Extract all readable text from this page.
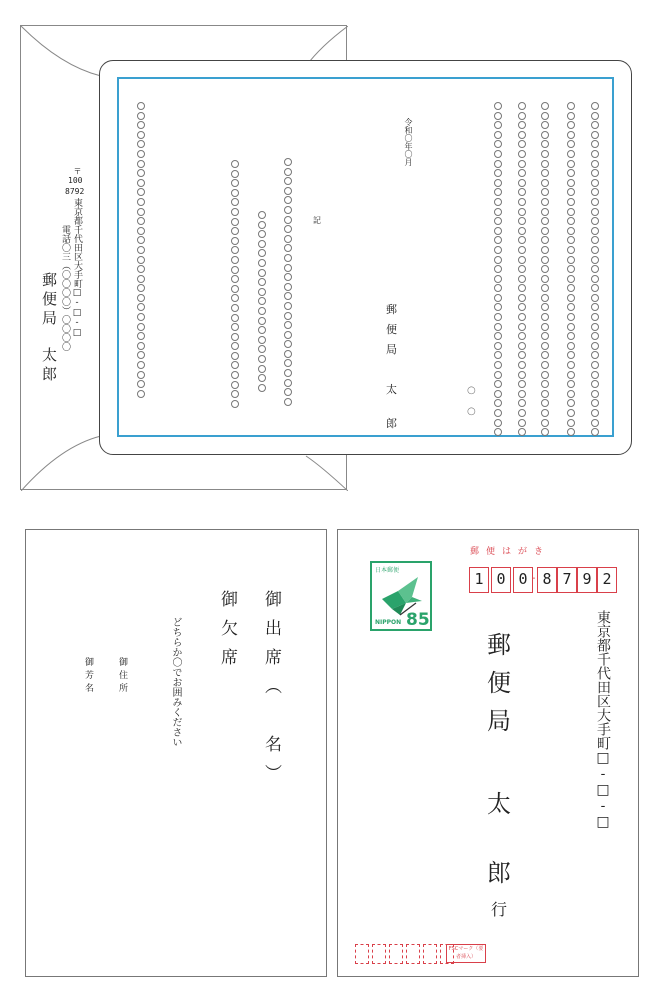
〒
100
8792
東京都千代田区大手町□-□-□
電話〇三（〇〇〇〇）〇〇〇〇
郵便局
太郎
令和〇年〇月
記
郵
便
局
太
郎
○
○
御出席（　名）
御欠席
どちらか〇でお囲みください
御住所
御芳名
郵便はがき
1 0 0 - 8 7 9 2
日本郵便
NIPPON 85	東京都千代田区大手町□-□-□
郵
便
局
太
郎
行
FSCマーク（要者挿入）
